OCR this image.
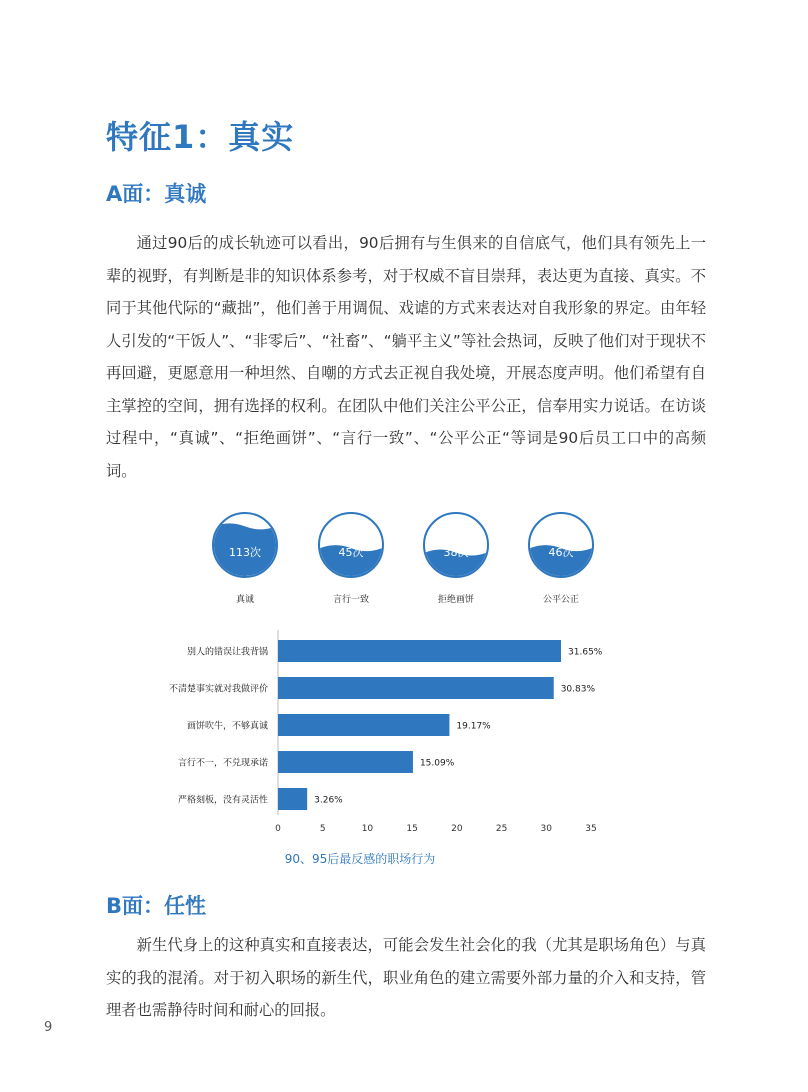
特征1：真实
A面：真诚

通过90后的成长轨迹可以看出，90后拥有与生俱来的自信底气，他们具有领先上一辈的视野，有判断是非的知识体系参考，对于权威不盲目崇拜，表达更为直接、真实。不同于其他代际的“藏拙”，他们善于用调侃、戏谑的方式来表达对自我形象的界定。由年轻人引发的“干饭人”、“非零后”、“社畜”、“躺平主义”等社会热词，反映了他们对于现状不再回避，更愿意用一种坦然、自嘲的方式去正视自我处境，开展态度声明。他们希望有自主掌控的空间，拥有选择的权利。在团队中他们关注公平公正，信奉用实力说话。在访谈过程中，“真诚”、“拒绝画饼”、“言行一致”、“公平公正“等词是90后员工口中的高频词。

113次
真诚
45次
言行一致
38次
拒绝画饼
46次
公平公正
别人的错误让我背锅	31.65%
不清楚事实就对我做评价	30.83%
画饼吹牛，不够真诚	19.17%
言行不一，不兑现承诺	15.09%
严格刻板，没有灵活性	3.26%
0	5	10	15	20	25	30	35
90、95后最反感的职场行为
B面：任性

新生代身上的这种真实和直接表达，可能会发生社会化的我（尤其是职场角色）与真实的我的混淆。对于初入职场的新生代，职业角色的建立需要外部力量的介入和支持，管理者也需静待时间和耐心的回报。

9
